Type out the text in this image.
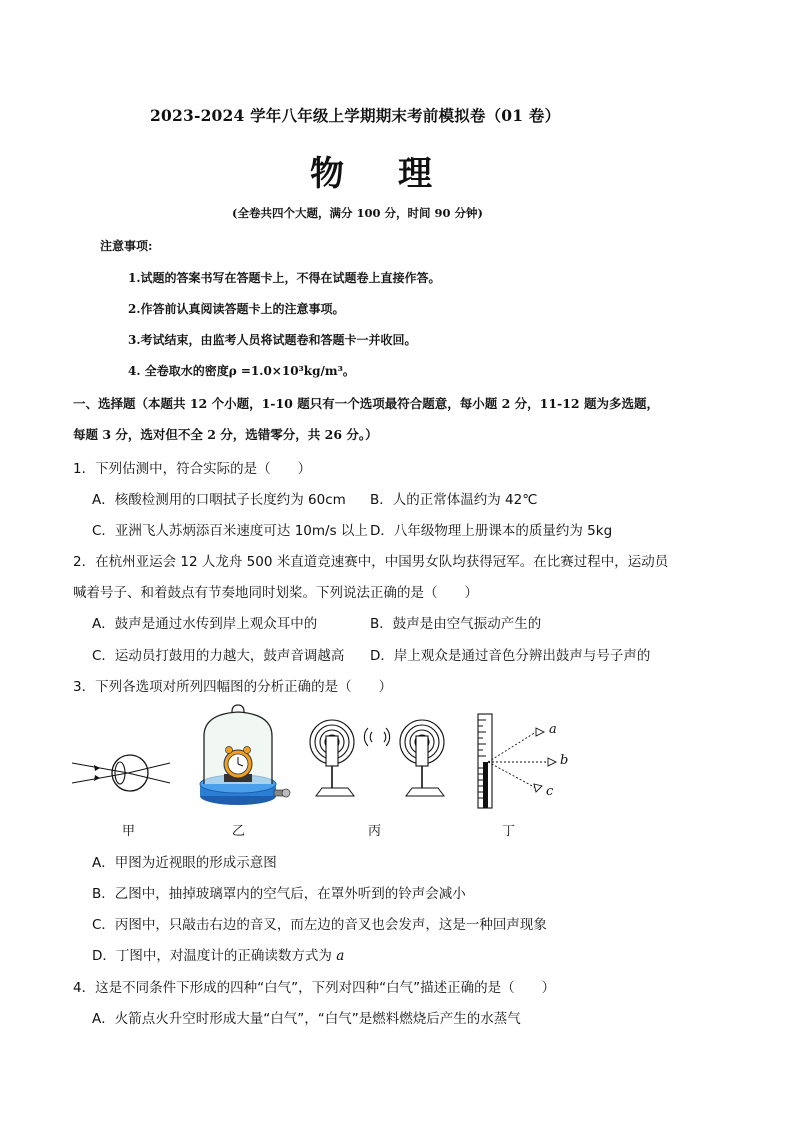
2023-2024 学年八年级上学期期末考前模拟卷（01 卷）
物 理
(全卷共四个大题，满分 100 分，时间 90 分钟)
注意事项:
1.试题的答案书写在答题卡上，不得在试题卷上直接作答。
2.作答前认真阅读答题卡上的注意事项。
3.考试结束，由监考人员将试题卷和答题卡一并收回。
4. 全卷取水的密度ρ =1.0×10³kg/m³。
一、选择题（本题共 12 个小题，1-10 题只有一个选项最符合题意，每小题 2 分，11-12 题为多选题，
每题 3 分，选对但不全 2 分，选错零分，共 26 分。）
1．下列估测中，符合实际的是（　　）
A．核酸检测用的口咽拭子长度约为 60cm B．人的正常体温约为 42℃
C．亚洲飞人苏炳添百米速度可达 10m/s 以上 D．八年级物理上册课本的质量约为 5kg
2．在杭州亚运会 12 人龙舟 500 米直道竞速赛中，中国男女队均获得冠军。在比赛过程中，运动员
喊着号子、和着鼓点有节奏地同时划桨。下列说法正确的是（　　）
A．鼓声是通过水传到岸上观众耳中的	B．鼓声是由空气振动产生的
C．运动员打鼓用的力越大，鼓声音调越高 D．岸上观众是通过音色分辨出鼓声与号子声的
3．下列各选项对所列四幅图的分析正确的是（　　）
a
b
c
甲	乙	丙	丁
A．甲图为近视眼的形成示意图
B．乙图中，抽掉玻璃罩内的空气后，在罩外听到的铃声会减小
C．丙图中，只敲击右边的音叉，而左边的音叉也会发声，这是一种回声现象
D．丁图中，对温度计的正确读数方式为 a
4．这是不同条件下形成的四种“白气”，下列对四种“白气”描述正确的是（　　）
A．火箭点火升空时形成大量“白气”，“白气”是燃料燃烧后产生的水蒸气
